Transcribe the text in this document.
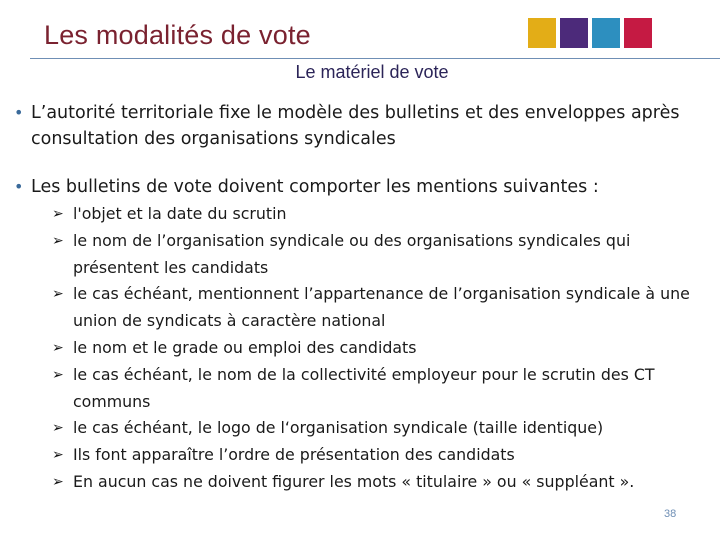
Les modalités de vote
Le matériel de vote
• L’autorité territoriale fixe le modèle des bulletins et des enveloppes après consultation des organisations syndicales
• Les bulletins de vote doivent comporter les mentions suivantes :
➢ l'objet et la date du scrutin
➢ le nom de l’organisation syndicale ou des organisations syndicales qui présentent les candidats
➢ le cas échéant, mentionnent l’appartenance de l’organisation syndicale à une union de syndicats à caractère national
➢ le nom et le grade ou emploi des candidats
➢ le cas échéant, le nom de la collectivité employeur pour le scrutin des CT communs
➢ le cas échéant, le logo de l‘organisation syndicale (taille identique)
➢ Ils font apparaître l’ordre de présentation des candidats
➢ En aucun cas ne doivent figurer les mots « titulaire » ou « suppléant ».
38
